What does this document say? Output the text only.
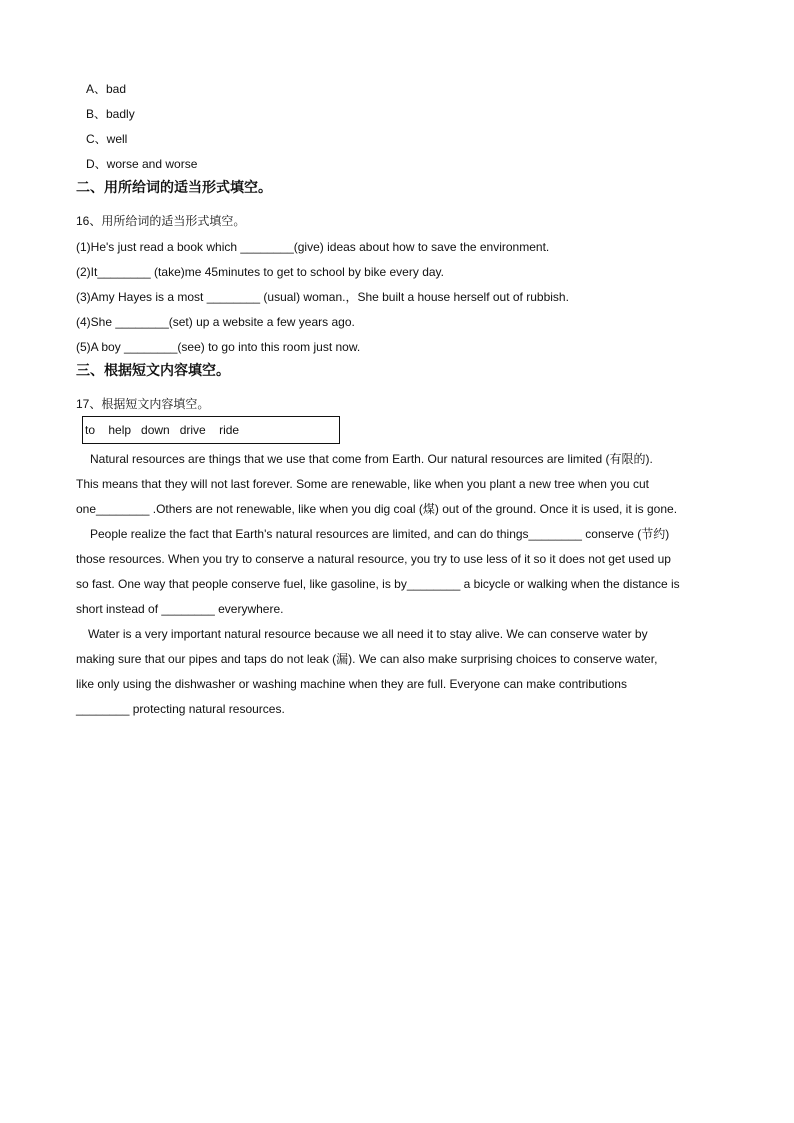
A、bad
B、badly
C、well
D、worse and worse
二、用所给词的适当形式填空。
16、用所给词的适当形式填空。
(1)He's just read a book which ________(give) ideas about how to save the environment.
(2)It________ (take)me 45minutes to get to school by bike every day.
(3)Amy Hayes is a most ________ (usual) woman.，She built a house herself out of rubbish.
(4)She ________(set) up a website a few years ago.
(5)A boy ________(see) to go into this room just now.
三、根据短文内容填空。
17、根据短文内容填空。
to    help   down   drive    ride
Natural resources are things that we use that come from Earth. Our natural resources are limited (有限的).
This means that they will not last forever. Some are renewable, like when you plant a new tree when you cut
one________ .Others are not renewable, like when you dig coal (煤) out of the ground. Once it is used, it is gone.
People realize the fact that Earth's natural resources are limited, and can do things________ conserve (节约)
those resources. When you try to conserve a natural resource, you try to use less of it so it does not get used up
so fast. One way that people conserve fuel, like gasoline, is by________ a bicycle or walking when the distance is
short instead of ________ everywhere.
Water is a very important natural resource because we all need it to stay alive. We can conserve water by
making sure that our pipes and taps do not leak (漏). We can also make surprising choices to conserve water,
like only using the dishwasher or washing machine when they are full. Everyone can make contributions
________ protecting natural resources.
